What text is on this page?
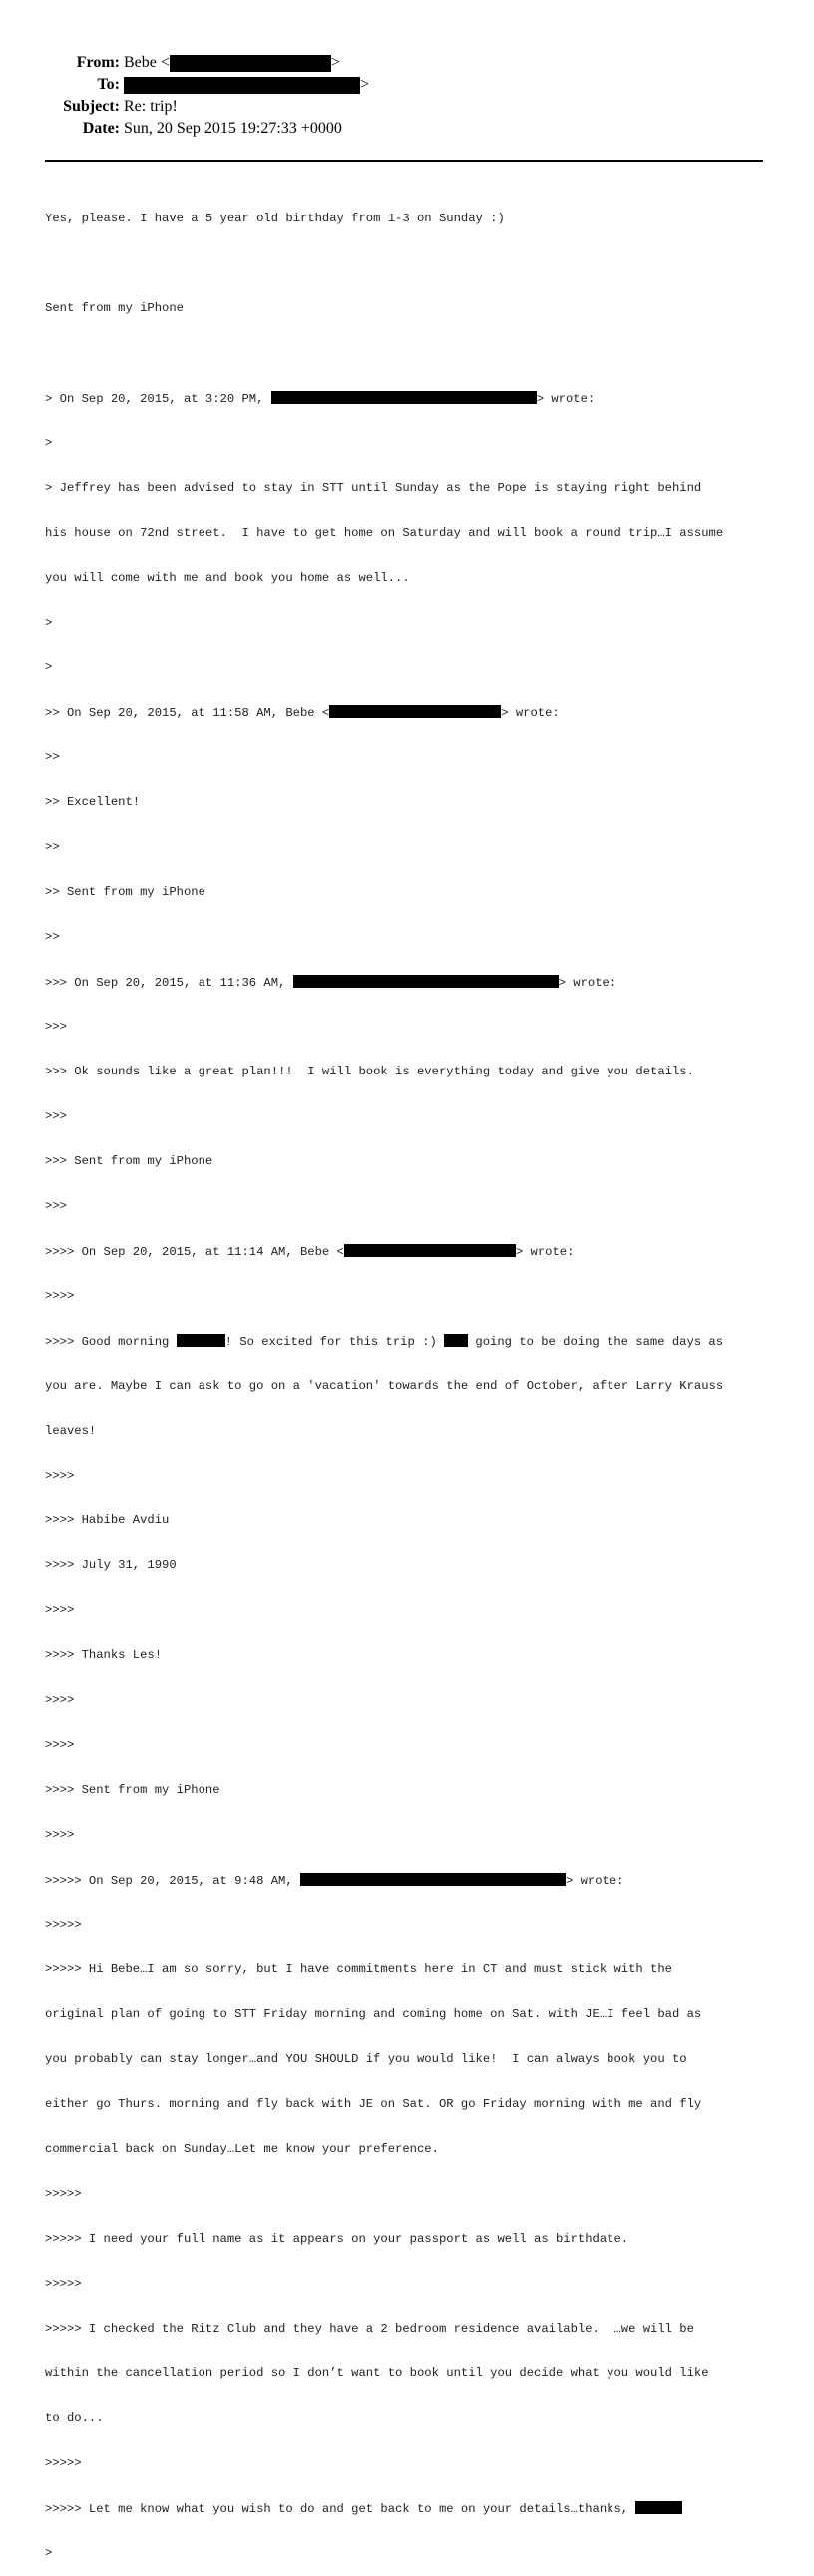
From: Bebe <	>
To:	>
Subject: Re: trip!
Date: Sun, 20 Sep 2015 19:27:33 +0000

Yes, please. I have a 5 year old birthday from 1-3 on Sunday :)

Sent from my iPhone

> On Sep 20, 2015, at 3:20 PM,	> wrote:

>

> Jeffrey has been advised to stay in STT until Sunday as the Pope is staying right behind

his house on 72nd street.  I have to get home on Saturday and will book a round trip…I assume

you will come with me and book you home as well...

>

>

>> On Sep 20, 2015, at 11:58 AM, Bebe <	> wrote:

>>

>> Excellent!

>>

>> Sent from my iPhone

>>

>>> On Sep 20, 2015, at 11:36 AM,	> wrote:

>>>

>>> Ok sounds like a great plan!!!  I will book is everything today and give you details.

>>>

>>> Sent from my iPhone

>>>

>>>> On Sep 20, 2015, at 11:14 AM, Bebe <	> wrote:

>>>>

>>>> Good morning	! So excited for this trip :)  going to be doing the same days as

you are. Maybe I can ask to go on a 'vacation' towards the end of October, after Larry Krauss

leaves!

>>>>

>>>> Habibe Avdiu

>>>> July 31, 1990

>>>>

>>>> Thanks Les!

>>>>

>>>>

>>>> Sent from my iPhone

>>>>

>>>>> On Sep 20, 2015, at 9:48 AM,	> wrote:

>>>>>

>>>>> Hi Bebe…I am so sorry, but I have commitments here in CT and must stick with the

original plan of going to STT Friday morning and coming home on Sat. with JE…I feel bad as

you probably can stay longer…and YOU SHOULD if you would like!  I can always book you to

either go Thurs. morning and fly back with JE on Sat. OR go Friday morning with me and fly

commercial back on Sunday…Let me know your preference.

>>>>>

>>>>> I need your full name as it appears on your passport as well as birthdate.

>>>>>

>>>>> I checked the Ritz Club and they have a 2 bedroom residence available.  …we will be

within the cancellation period so I don’t want to book until you decide what you would like

to do...

>>>>>

>>>>> Let me know what you wish to do and get back to me on your details…thanks,

>
